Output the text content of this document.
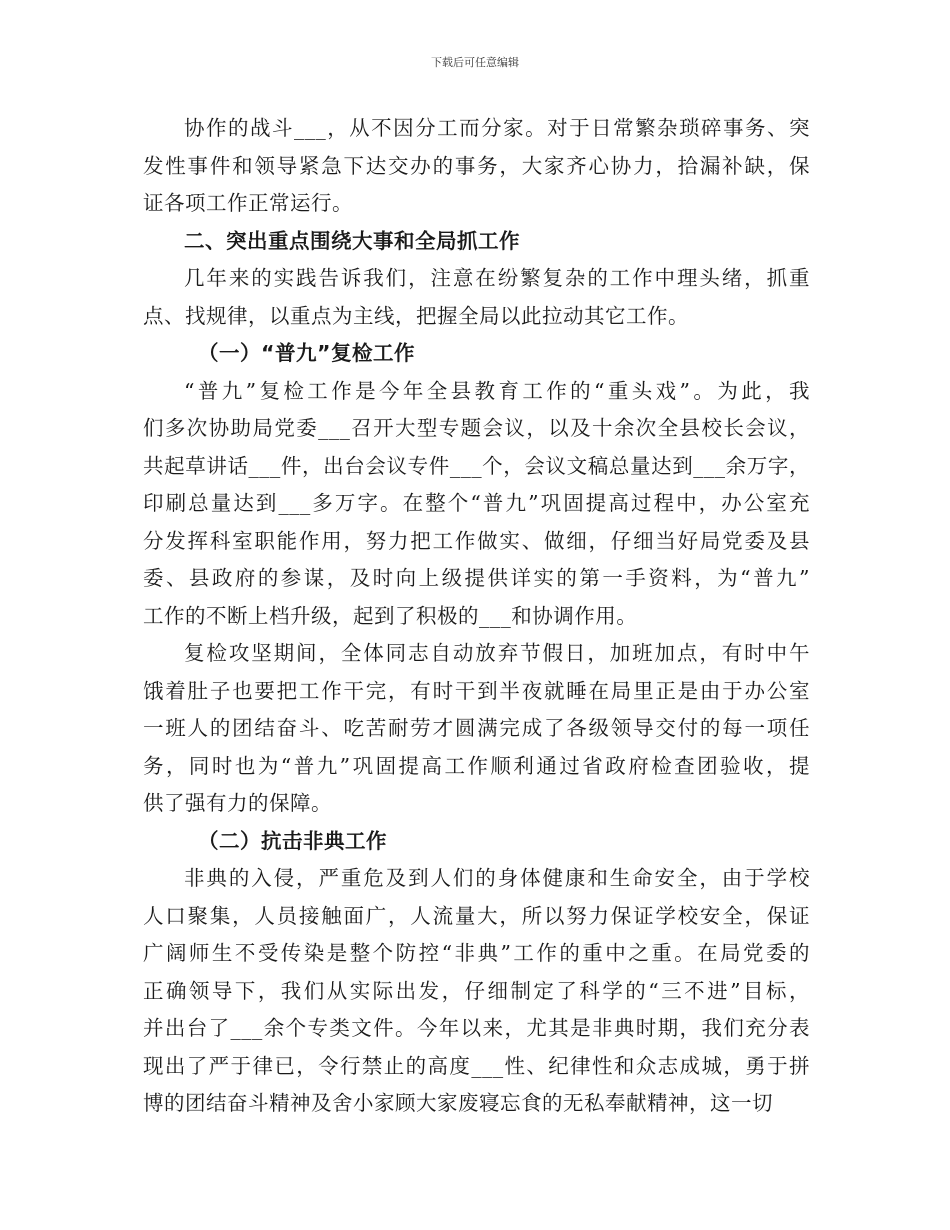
下载后可任意编辑
协作的战斗___，从不因分工而分家。对于日常繁杂琐碎事务、突
发性事件和领导紧急下达交办的事务，大家齐心协力，拾漏补缺，保
证各项工作正常运行。
二、突出重点围绕大事和全局抓工作
几年来的实践告诉我们，注意在纷繁复杂的工作中理头绪，抓重
点、找规律，以重点为主线，把握全局以此拉动其它工作。
（一）“普九”复检工作
“普九”复检工作是今年全县教育工作的“重头戏”。为此，我
们多次协助局党委___召开大型专题会议，以及十余次全县校长会议，
共起草讲话___件，出台会议专件___个，会议文稿总量达到___余万字，
印刷总量达到___多万字。在整个“普九”巩固提高过程中，办公室充
分发挥科室职能作用，努力把工作做实、做细，仔细当好局党委及县
委、县政府的参谋，及时向上级提供详实的第一手资料，为“普九”
工作的不断上档升级，起到了积极的___和协调作用。
复检攻坚期间，全体同志自动放弃节假日，加班加点，有时中午
饿着肚子也要把工作干完，有时干到半夜就睡在局里正是由于办公室
一班人的团结奋斗、吃苦耐劳才圆满完成了各级领导交付的每一项任
务，同时也为“普九”巩固提高工作顺利通过省政府检查团验收，提
供了强有力的保障。
（二）抗击非典工作
非典的入侵，严重危及到人们的身体健康和生命安全，由于学校
人口聚集，人员接触面广，人流量大，所以努力保证学校安全，保证
广阔师生不受传染是整个防控“非典”工作的重中之重。在局党委的
正确领导下，我们从实际出发，仔细制定了科学的“三不进”目标，
并出台了___余个专类文件。今年以来，尤其是非典时期，我们充分表
现出了严于律已，令行禁止的高度___性、纪律性和众志成城，勇于拼
博的团结奋斗精神及舍小家顾大家废寝忘食的无私奉献精神，这一切
